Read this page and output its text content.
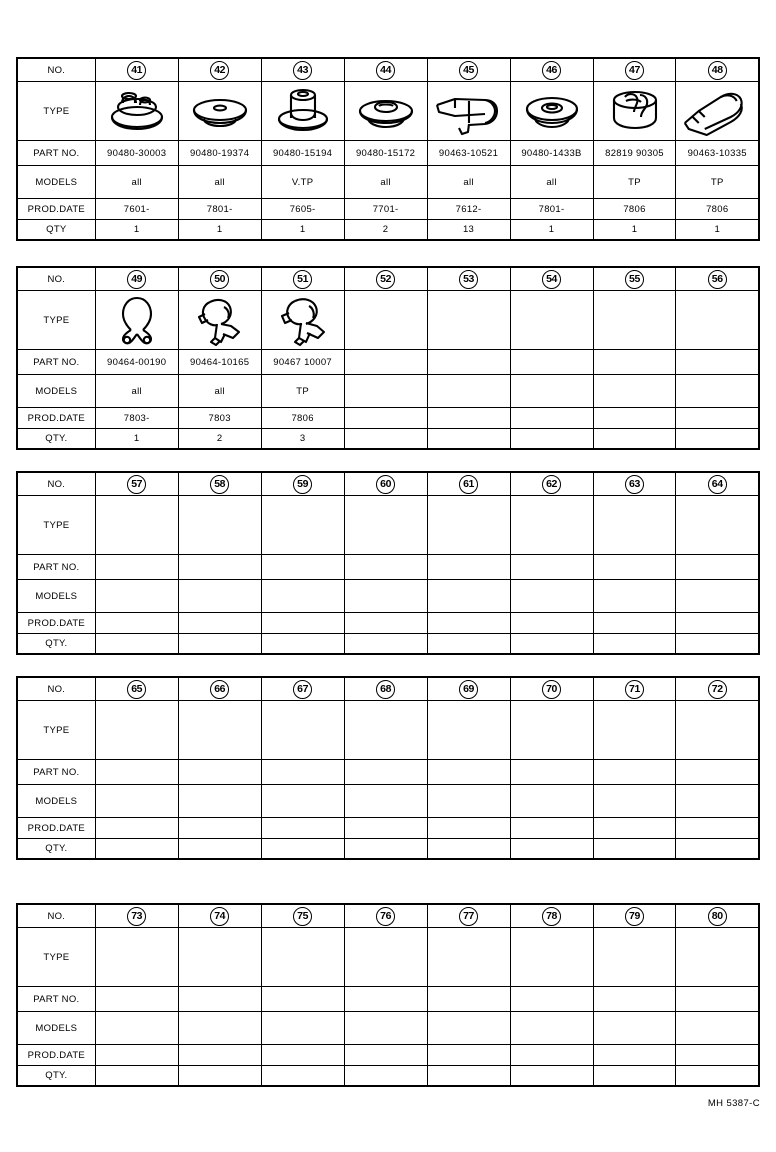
NO.	41	42	43	44	45	46	47	48
TYPE	

PART NO.	90480-30003	90480-19374	90480-15194	90480-15172	90463-10521	90480-1433B	82819 90305	90463-10335
MODELS	all	all	V.TP	all	all	all	TP	TP
PROD.DATE	7601-	7801-	7605-	7701-	7612-	7801-	7806	7806
QTY	1	1	1	2	13	1	1	1
NO.	49	50	51	52	53	54	55	56
TYPE	

PART NO.	90464-00190	90464-10165	90467 10007					
MODELS	all	all	TP					
PROD.DATE	7803-	7803	7806					
QTY.	1	2	3					
NO.	57	58	59	60	61	62	63	64
TYPE								
PART NO.								
MODELS								
PROD.DATE								
QTY.								
NO.	65	66	67	68	69	70	71	72
TYPE								
PART NO.								
MODELS								
PROD.DATE								
QTY.								
NO.	73	74	75	76	77	78	79	80
TYPE								
PART NO.								
MODELS								
PROD.DATE								
QTY.								
MH 5387-C
